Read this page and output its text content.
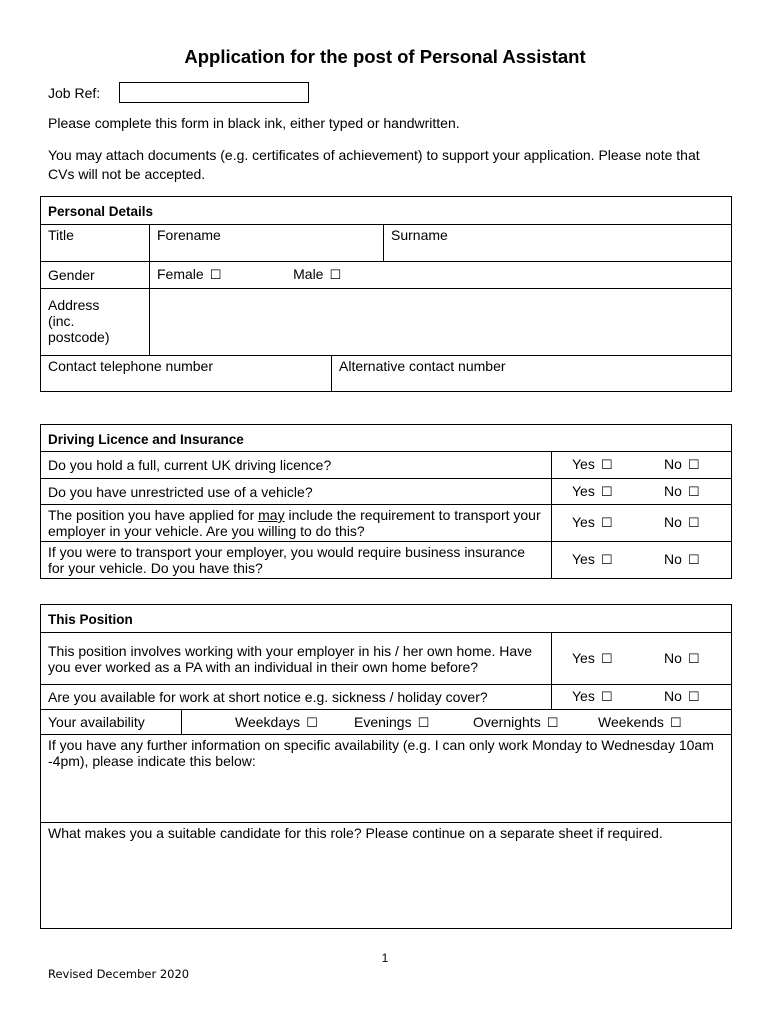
Application for the post of Personal Assistant
Job Ref:
Please complete this form in black ink, either typed or handwritten.
You may attach documents (e.g. certificates of achievement) to support your application. Please note that CVs will not be accepted.
Personal Details			
Title	Forename		Surname
Gender	Female ☐ Male ☐		

Address
(inc.
postcode)			

Contact telephone number		Alternative contact number	
Driving Licence and Insurance	
Do you hold a full, current UK driving licence?	Yes ☐ No ☐
Do you have unrestricted use of a vehicle?	Yes ☐ No ☐
The position you have applied for may include the requirement to transport your employer in your vehicle. Are you willing to do this?	Yes ☐ No ☐
If you were to transport your employer, you would require business insurance for your vehicle. Do you have this?	Yes ☐ No ☐
This Position		
This position involves working with your employer in his / her own home. Have you ever worked as a PA with an individual in their own home before?		Yes ☐ No ☐
Are you available for work at short notice e.g. sickness / holiday cover?		Yes ☐ No ☐
Your availability	Weekdays ☐ Evenings ☐ Overnights ☐ Weekends ☐	

If you have any further information on specific availability (e.g. I can only work Monday to Wednesday 10am -4pm), please indicate this below:		
What makes you a suitable candidate for this role? Please continue on a separate sheet if required.		
1
Revised December 2020
